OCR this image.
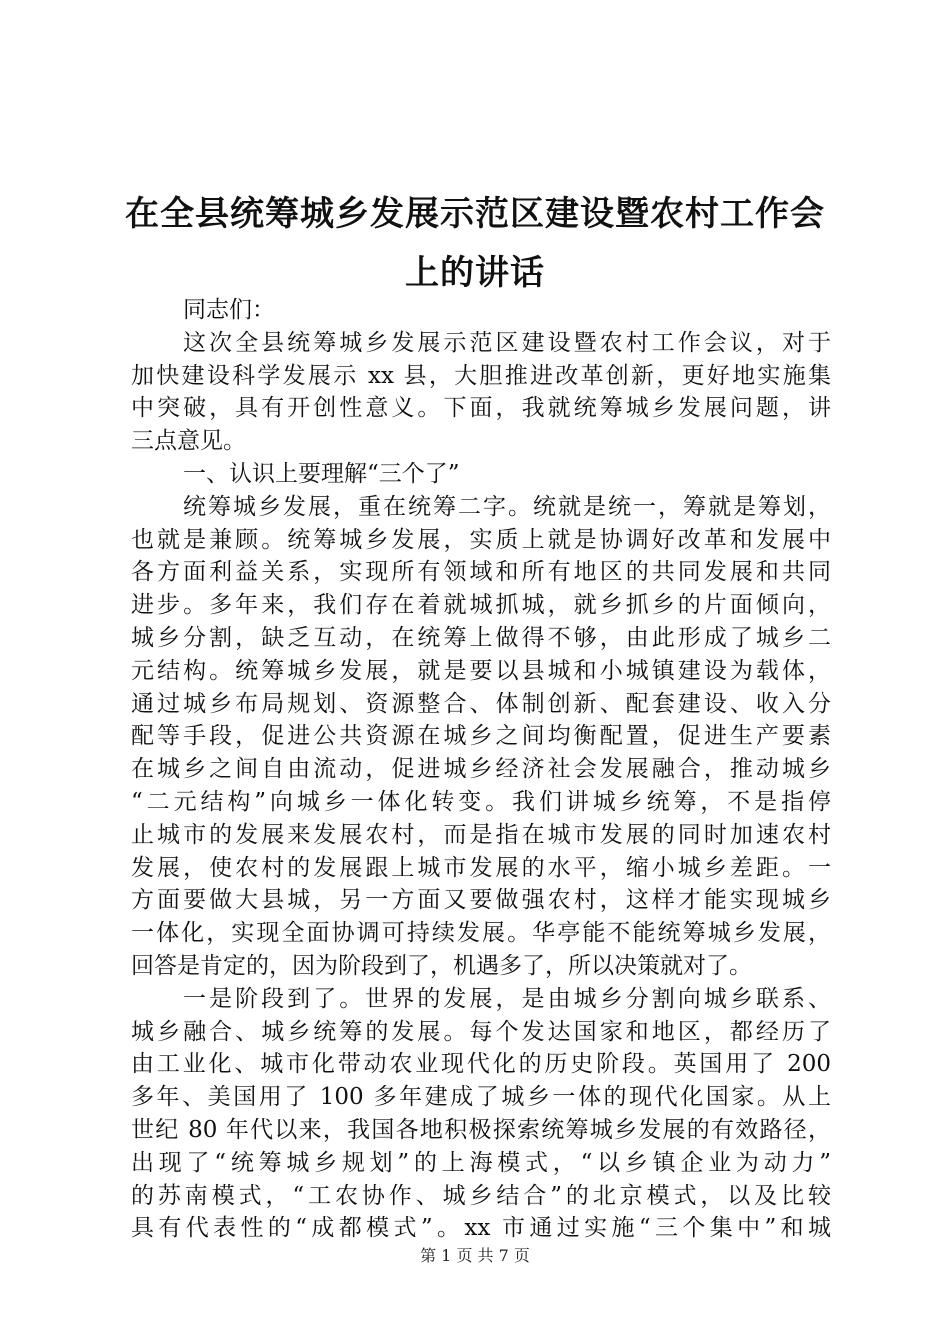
在全县统筹城乡发展示范区建设暨农村工作会
上的讲话
同志们：
这次全县统筹城乡发展示范区建设暨农村工作会议，对于
加快建设科学发展示 xx 县，大胆推进改革创新，更好地实施集
中突破，具有开创性意义。下面，我就统筹城乡发展问题，讲
三点意见。
一、认识上要理解“三个了”
统筹城乡发展，重在统筹二字。统就是统一，筹就是筹划，
也就是兼顾。统筹城乡发展，实质上就是协调好改革和发展中
各方面利益关系，实现所有领域和所有地区的共同发展和共同
进步。多年来，我们存在着就城抓城，就乡抓乡的片面倾向，
城乡分割，缺乏互动，在统筹上做得不够，由此形成了城乡二
元结构。统筹城乡发展，就是要以县城和小城镇建设为载体，
通过城乡布局规划、资源整合、体制创新、配套建设、收入分
配等手段，促进公共资源在城乡之间均衡配置，促进生产要素
在城乡之间自由流动，促进城乡经济社会发展融合，推动城乡
“二元结构”向城乡一体化转变。我们讲城乡统筹，不是指停
止城市的发展来发展农村，而是指在城市发展的同时加速农村
发展，使农村的发展跟上城市发展的水平，缩小城乡差距。一
方面要做大县城，另一方面又要做强农村，这样才能实现城乡
一体化，实现全面协调可持续发展。华亭能不能统筹城乡发展，
回答是肯定的，因为阶段到了，机遇多了，所以决策就对了。
一是阶段到了。世界的发展，是由城乡分割向城乡联系、
城乡融合、城乡统筹的发展。每个发达国家和地区，都经历了
由工业化、城市化带动农业现代化的历史阶段。英国用了 200
多年、美国用了 100 多年建成了城乡一体的现代化国家。从上
世纪 80 年代以来，我国各地积极探索统筹城乡发展的有效路径，
出现了“统筹城乡规划”的上海模式，“以乡镇企业为动力”
的苏南模式，“工农协作、城乡结合”的北京模式，以及比较
具有代表性的“成都模式”。xx 市通过实施“三个集中”和城
第 1 页 共 7 页
